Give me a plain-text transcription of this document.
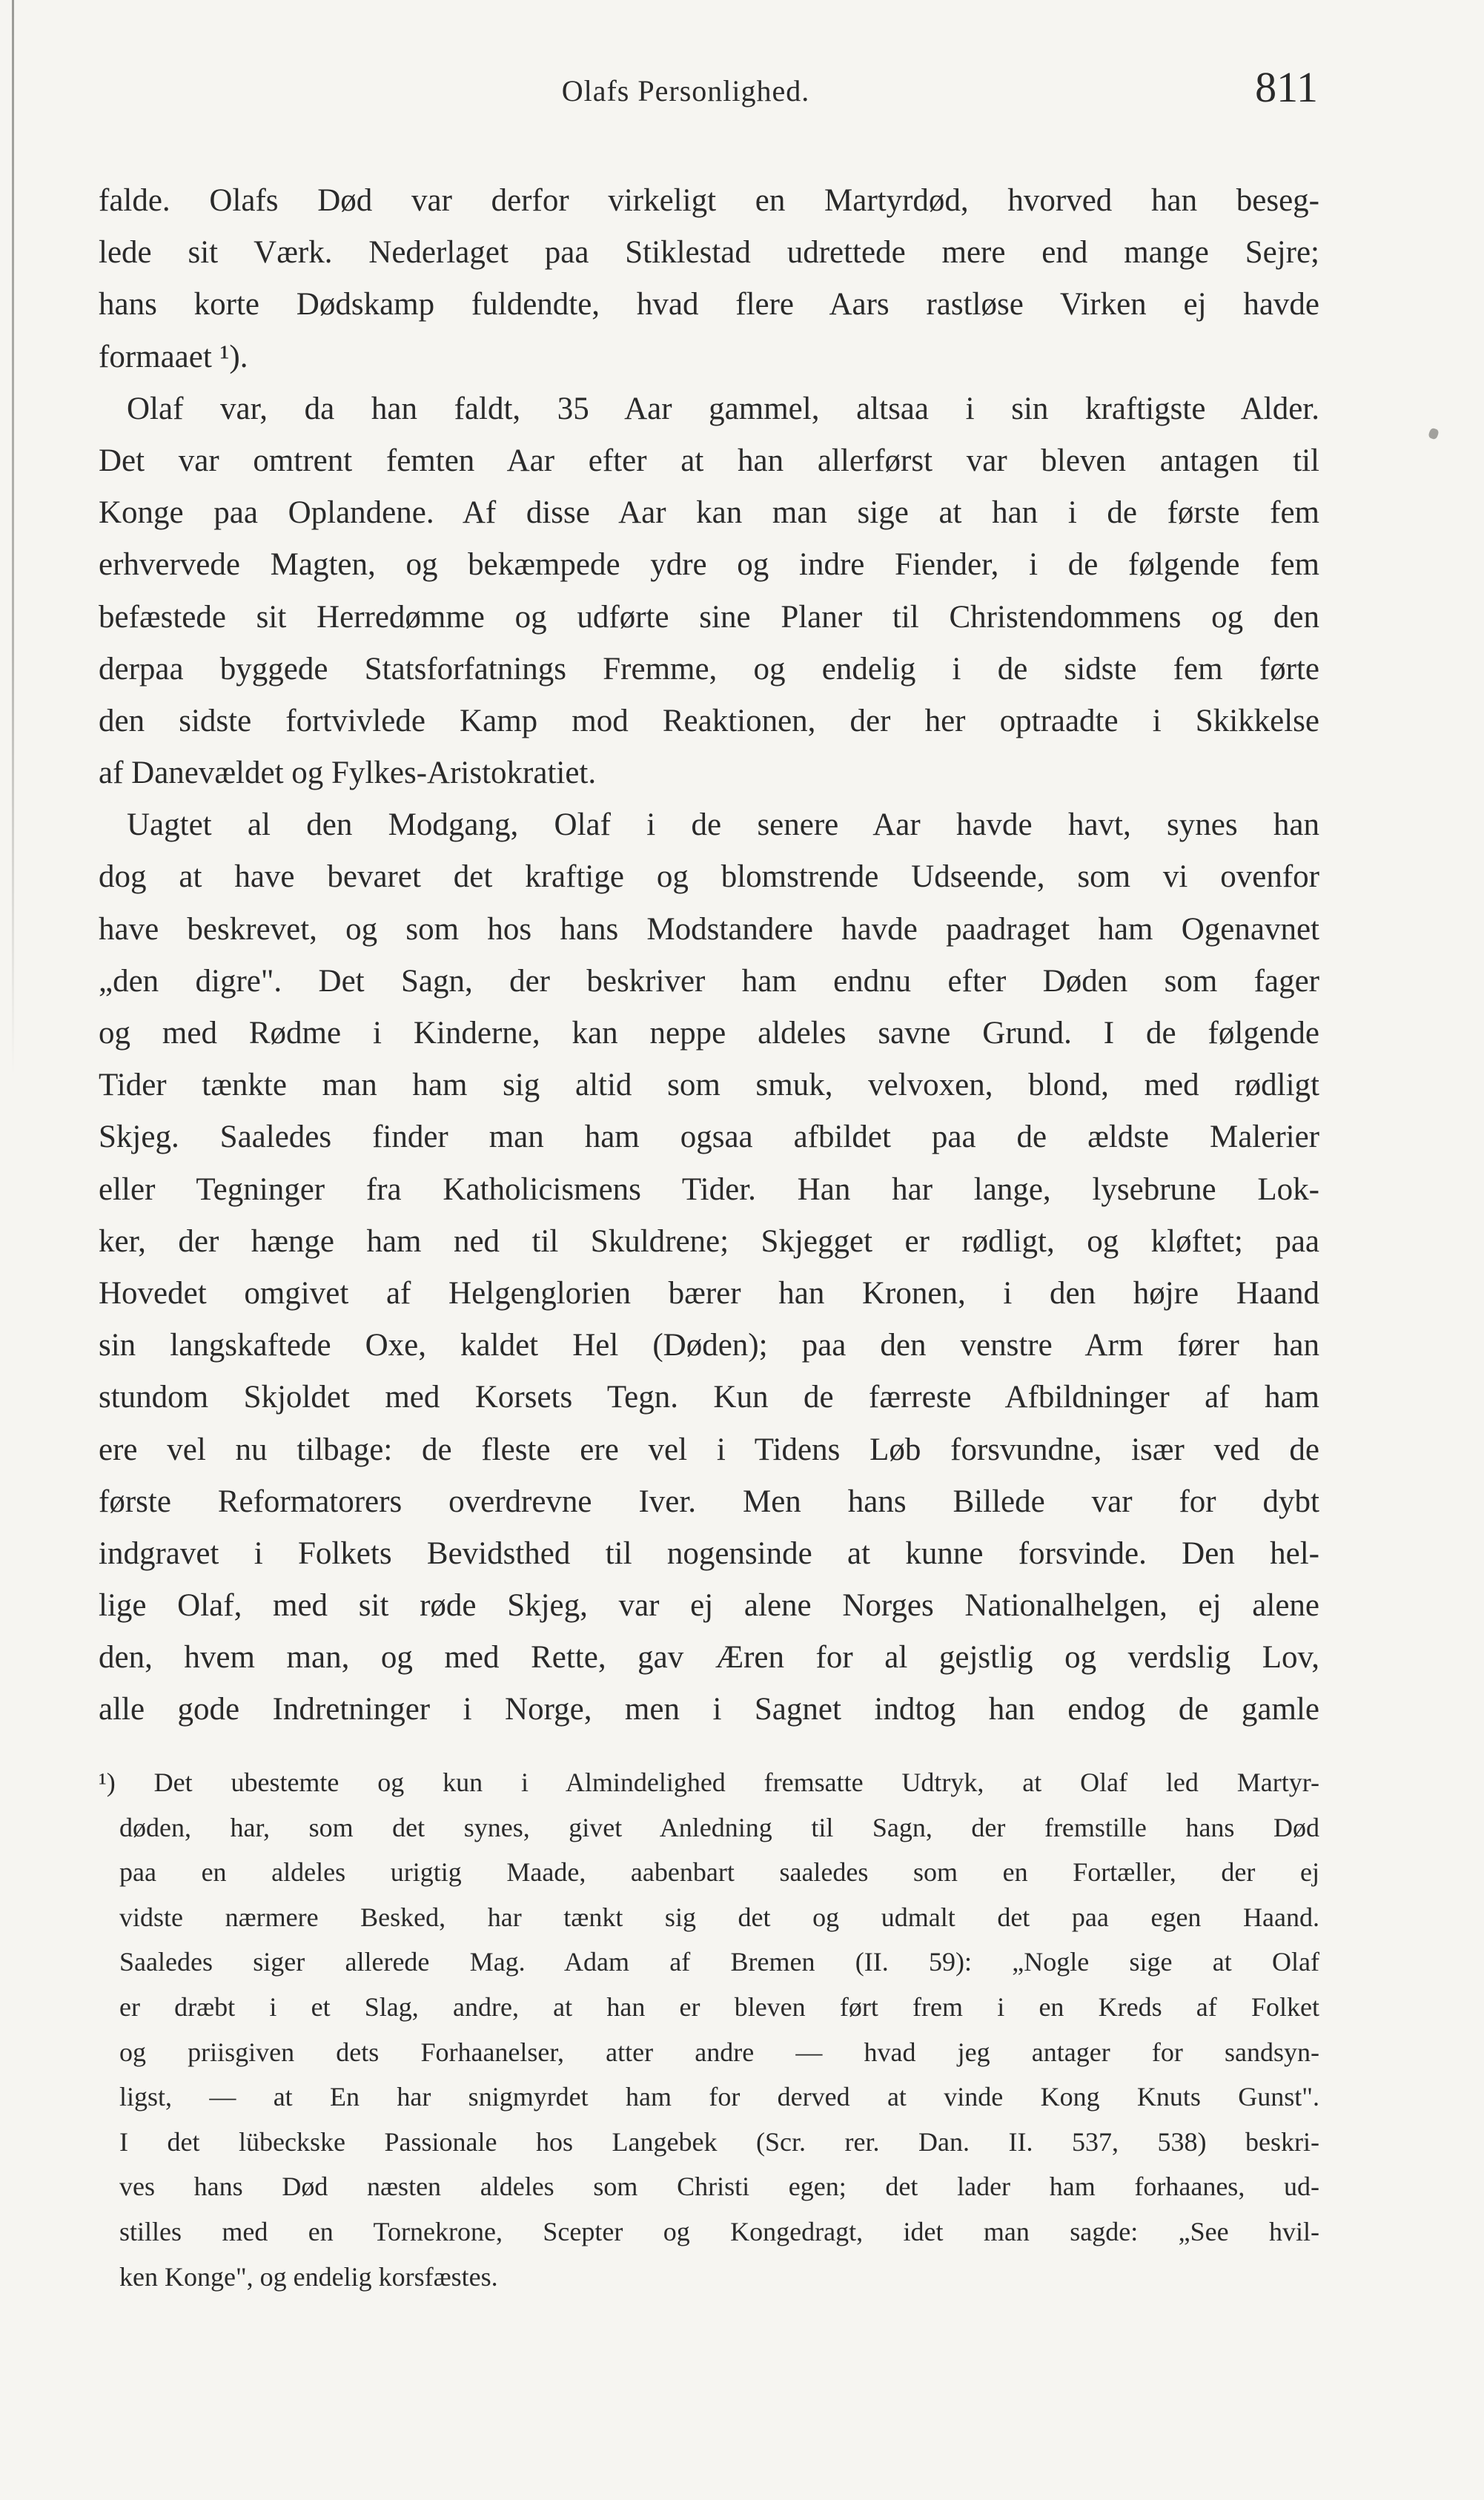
Olafs Personlighed.	811
falde. Olafs Død var derfor virkeligt en Martyrdød, hvorved han beseg-
lede sit Værk. Nederlaget paa Stiklestad udrettede mere end mange Sejre;
hans korte Dødskamp fuldendte, hvad flere Aars rastløse Virken ej havde
formaaet ¹).
Olaf var, da han faldt, 35 Aar gammel, altsaa i sin kraftigste Alder.
Det var omtrent femten Aar efter at han allerførst var bleven antagen til
Konge paa Oplandene. Af disse Aar kan man sige at han i de første fem
erhvervede Magten, og bekæmpede ydre og indre Fiender, i de følgende fem
befæstede sit Herredømme og udførte sine Planer til Christendommens og den
derpaa byggede Statsforfatnings Fremme, og endelig i de sidste fem førte
den sidste fortvivlede Kamp mod Reaktionen, der her optraadte i Skikkelse
af Danevældet og Fylkes-Aristokratiet.
Uagtet al den Modgang, Olaf i de senere Aar havde havt, synes han
dog at have bevaret det kraftige og blomstrende Udseende, som vi ovenfor
have beskrevet, og som hos hans Modstandere havde paadraget ham Ogenavnet
„den digre". Det Sagn, der beskriver ham endnu efter Døden som fager
og med Rødme i Kinderne, kan neppe aldeles savne Grund. I de følgende
Tider tænkte man ham sig altid som smuk, velvoxen, blond, med rødligt
Skjeg. Saaledes finder man ham ogsaa afbildet paa de ældste Malerier
eller Tegninger fra Katholicismens Tider. Han har lange, lysebrune Lok-
ker, der hænge ham ned til Skuldrene; Skjegget er rødligt, og kløftet; paa
Hovedet omgivet af Helgenglorien bærer han Kronen, i den højre Haand
sin langskaftede Oxe, kaldet Hel (Døden); paa den venstre Arm fører han
stundom Skjoldet med Korsets Tegn. Kun de færreste Afbildninger af ham
ere vel nu tilbage: de fleste ere vel i Tidens Løb forsvundne, især ved de
første Reformatorers overdrevne Iver. Men hans Billede var for dybt
indgravet i Folkets Bevidsthed til nogensinde at kunne forsvinde. Den hel-
lige Olaf, med sit røde Skjeg, var ej alene Norges Nationalhelgen, ej alene
den, hvem man, og med Rette, gav Æren for al gejstlig og verdslig Lov,
alle gode Indretninger i Norge, men i Sagnet indtog han endog de gamle
¹) Det ubestemte og kun i Almindelighed fremsatte Udtryk, at Olaf led Martyr-
døden, har, som det synes, givet Anledning til Sagn, der fremstille hans Død
paa en aldeles urigtig Maade, aabenbart saaledes som en Fortæller, der ej
vidste nærmere Besked, har tænkt sig det og udmalt det paa egen Haand.
Saaledes siger allerede Mag. Adam af Bremen (II. 59): „Nogle sige at Olaf
er dræbt i et Slag, andre, at han er bleven ført frem i en Kreds af Folket
og priisgiven dets Forhaanelser, atter andre — hvad jeg antager for sandsyn-
ligst, — at En har snigmyrdet ham for derved at vinde Kong Knuts Gunst".
I det lübeckske Passionale hos Langebek (Scr. rer. Dan. II. 537, 538) beskri-
ves hans Død næsten aldeles som Christi egen; det lader ham forhaanes, ud-
stilles med en Tornekrone, Scepter og Kongedragt, idet man sagde: „See hvil-
ken Konge", og endelig korsfæstes.
